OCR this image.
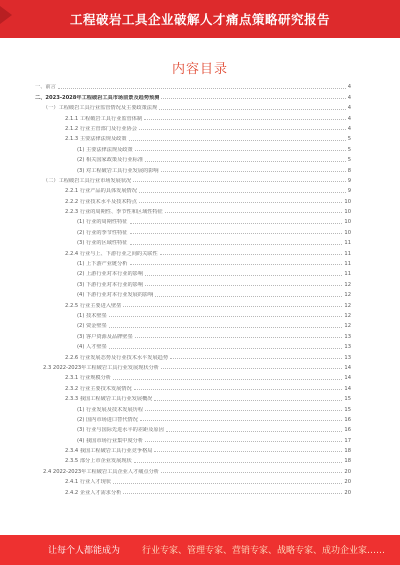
工程破岩工具企业破解人才痛点策略研究报告
内容目录
一、前言	4
二、2023-2028年工程破岩工具市场前景及趋势预测	4
（一）工程破岩工具行业监管情况及主要政策法规	4
2.1.1 工程破岩工具行业监管体制	4
2.1.2 行业主管部门及行业协会	4
2.1.3 主要法律法规及政策	5
(1) 主要法律法规及政策	5
(2) 相关国家政策及行业标准	5
(3) 对工程破岩工具行业发展的影响	8
（二）工程破岩工具行业市场发展状况	9
2.2.1 行业产品的具体发展情况	9
2.2.2 行业技术水平及技术特点	10
2.2.3 行业的周期性、季节性和区域性特征	10
(1) 行业的周期性特征	10
(2) 行业的季节性特征	10
(3) 行业的区域性特征	11
2.2.4 行业与上、下游行业之间的关联性	11
(1) 上下游产业链分析	11
(2) 上游行业对本行业的影响	11
(3) 下游行业对本行业的影响	12
(4) 下游行业对本行业发展的影响	12
2.2.5 行业主要进入壁垒	12
(1) 技术壁垒	12
(2) 资金壁垒	12
(3) 客户资源及品牌壁垒	13
(4) 人才壁垒	13
2.2.6 行业发展态势及行业技术水平发展趋势	13
2.3 2022-2023年工程破岩工具行业发展现状分析	14
2.3.1 行业规模分析	14
2.3.2 行业主要技术发展情况	14
2.3.3 我国工程破岩工具行业发展概况	15
(1) 行业发展及技术发展历程	15
(2) 国内市场进口替代情况	16
(3) 行业与国际先进水平的差距及原因	16
(4) 我国市场行业集中度分析	17
2.3.4 我国工程破岩工具行业竞争格局	18
2.3.5 部分上市企业发展现状	18
2.4 2022-2023年工程破岩工具企业人才痛点分析	20
2.4.1 行业人才现状	20
2.4.2 企业人才需求分析	20
让每个人都能成为 行业专家、管理专家、营销专家、战略专家、成功企业家……
